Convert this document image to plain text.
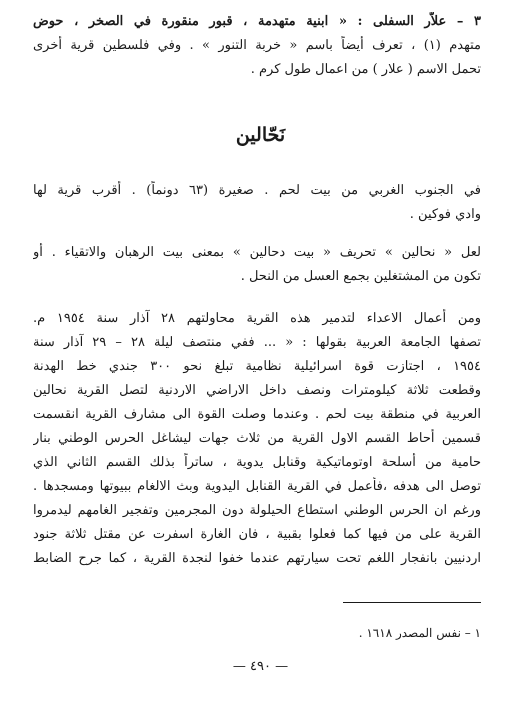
٣ – علاّر السفلى : « ابنية متهدمة ، قبور منقورة في الصخر ، حوض
متهدم (١) ، تعرف أيضاً باسم « خربة التنور » . وفي فلسطين قرية أخرى
تحمل الاسم ( علار ) من اعمال طول كرم .
نَحّالين
في الجنوب الغربي من بيت لحم . صغيرة (٦٣ دونماً) . أقرب قرية لها
وادي فوكين .
لعل « نحالين » تحريف « بيت دحالين » بمعنى بيت الرهبان والاتقياء . أو
تكون من المشتغلين بجمع العسل من النحل .
ومن أعمال الاعداء لتدمير هذه القرية محاولتهم ٢٨ آذار سنة ١٩٥٤ م.
تصفها الجامعة العربية بقولها : « ... ففي منتصف ليلة ٢٨ – ٢٩ آذار سنة
١٩٥٤ ، اجتازت قوة اسرائيلية نظامية تبلغ نحو ٣٠٠ جندي خط الهدنة
وقطعت ثلاثة كيلومترات ونصف داخل الاراضي الاردنية لتصل القرية نحالين
العربية في منطقة بيت لحم . وعندما وصلت القوة الى مشارف القرية انقسمت
قسمين أحاط القسم الاول القرية من ثلاث جهات ليشاغل الحرس الوطني بنار
حامية من أسلحة اوتوماتيكية وقنابل يدوية ، ساتراً بذلك القسم الثاني الذي
توصل الى هدفه ،فأعمل في القرية القنابل اليدوية وبث الالغام ببيوتها ومسجدها .
ورغم ان الحرس الوطني استطاع الحيلولة دون المجرمين وتفجير الغامهم ليدمروا
القرية على من فيها كما فعلوا بقبية ، فان الغارة اسفرت عن مقتل ثلاثة جنود
اردنيين بانفجار اللغم تحت سيارتهم عندما خفوا لنجدة القرية ، كما جرح الضابط
١ – نفس المصدر ١٦١٨ .
— ٤٩٠ —
